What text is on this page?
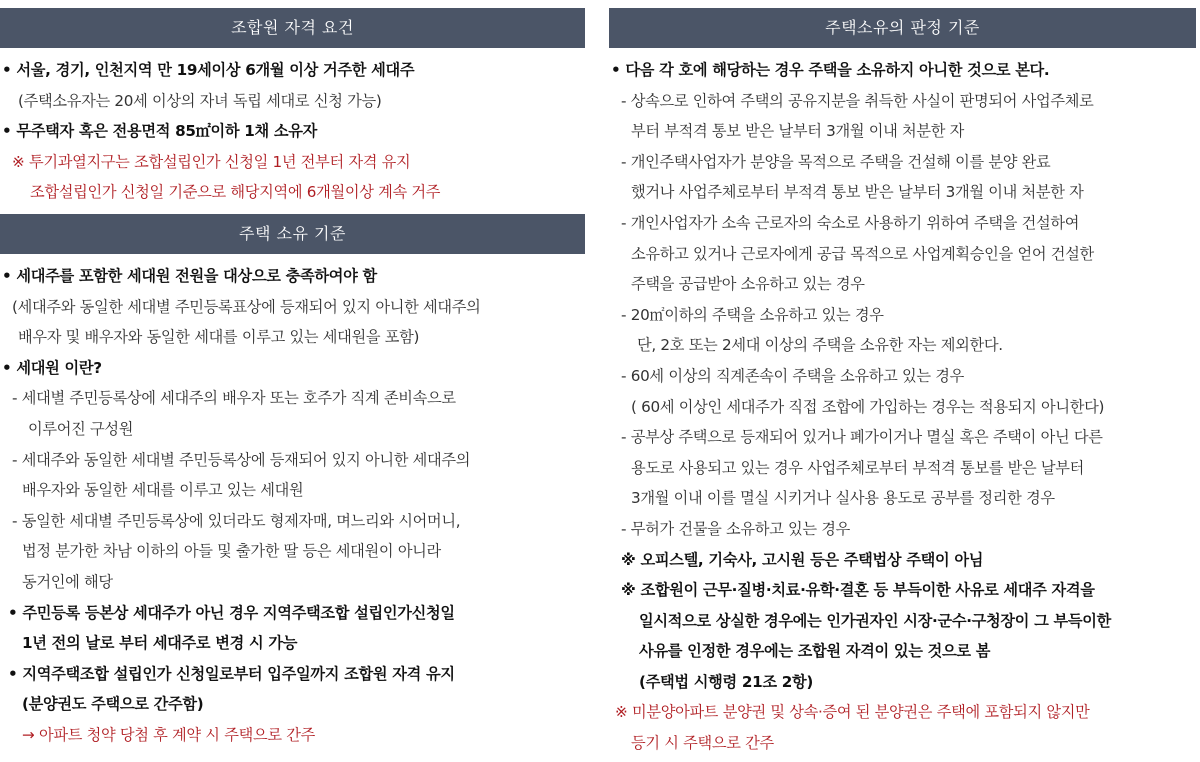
조합원 자격 요건
• 서울, 경기, 인천지역 만 19세이상 6개월 이상 거주한 세대주
(주택소유자는 20세 이상의 자녀 독립 세대로 신청 가능)
• 무주택자 혹은 전용면적 85㎡이하 1채 소유자
※ 투기과열지구는 조합설립인가 신청일 1년 전부터 자격 유지
조합설립인가 신청일 기준으로 해당지역에 6개월이상 계속 거주
주택 소유 기준
• 세대주를 포함한 세대원 전원을 대상으로 충족하여야 함
(세대주와 동일한 세대별 주민등록표상에 등재되어 있지 아니한 세대주의
배우자 및 배우자와 동일한 세대를 이루고 있는 세대원을 포함)
• 세대원 이란?
- 세대별 주민등록상에 세대주의 배우자 또는 호주가 직계 존비속으로
이루어진 구성원
- 세대주와 동일한 세대별 주민등록상에 등재되어 있지 아니한 세대주의
배우자와 동일한 세대를 이루고 있는 세대원
- 동일한 세대별 주민등록상에 있더라도 형제자매, 며느리와 시어머니,
법정 분가한 차남 이하의 아들 및 출가한 딸 등은 세대원이 아니라
동거인에 해당
• 주민등록 등본상 세대주가 아닌 경우 지역주택조합 설립인가신청일
1년 전의 날로 부터 세대주로 변경 시 가능
• 지역주택조합 설립인가 신청일로부터 입주일까지 조합원 자격 유지
(분양권도 주택으로 간주함)
→ 아파트 청약 당첨 후 계약 시 주택으로 간주
주택소유의 판정 기준
• 다음 각 호에 해당하는 경우 주택을 소유하지 아니한 것으로 본다.
- 상속으로 인하여 주택의 공유지분을 취득한 사실이 판명되어 사업주체로
부터 부적격 통보 받은 날부터 3개월 이내 처분한 자
- 개인주택사업자가 분양을 목적으로 주택을 건설해 이를 분양 완료
했거나 사업주체로부터 부적격 통보 받은 날부터 3개월 이내 처분한 자
- 개인사업자가 소속 근로자의 숙소로 사용하기 위하여 주택을 건설하여
소유하고 있거나 근로자에게 공급 목적으로 사업계획승인을 얻어 건설한
주택을 공급받아 소유하고 있는 경우
- 20㎡이하의 주택을 소유하고 있는 경우
단, 2호 또는 2세대 이상의 주택을 소유한 자는 제외한다.
- 60세 이상의 직계존속이 주택을 소유하고 있는 경우
( 60세 이상인 세대주가 직접 조합에 가입하는 경우는 적용되지 아니한다)
- 공부상 주택으로 등재되어 있거나 폐가이거나 멸실 혹은 주택이 아닌 다른
용도로 사용되고 있는 경우 사업주체로부터 부적격 통보를 받은 날부터
3개월 이내 이를 멸실 시키거나 실사용 용도로 공부를 정리한 경우
- 무허가 건물을 소유하고 있는 경우
※ 오피스텔, 기숙사, 고시원 등은 주택법상 주택이 아님
※ 조합원이 근무·질병·치료·유학·결혼 등 부득이한 사유로 세대주 자격을
일시적으로 상실한 경우에는 인가권자인 시장·군수·구청장이 그 부득이한
사유를 인정한 경우에는 조합원 자격이 있는 것으로 봄
(주택법 시행령 21조 2항)
※ 미분양아파트 분양권 및 상속·증여 된 분양권은 주택에 포함되지 않지만
등기 시 주택으로 간주
